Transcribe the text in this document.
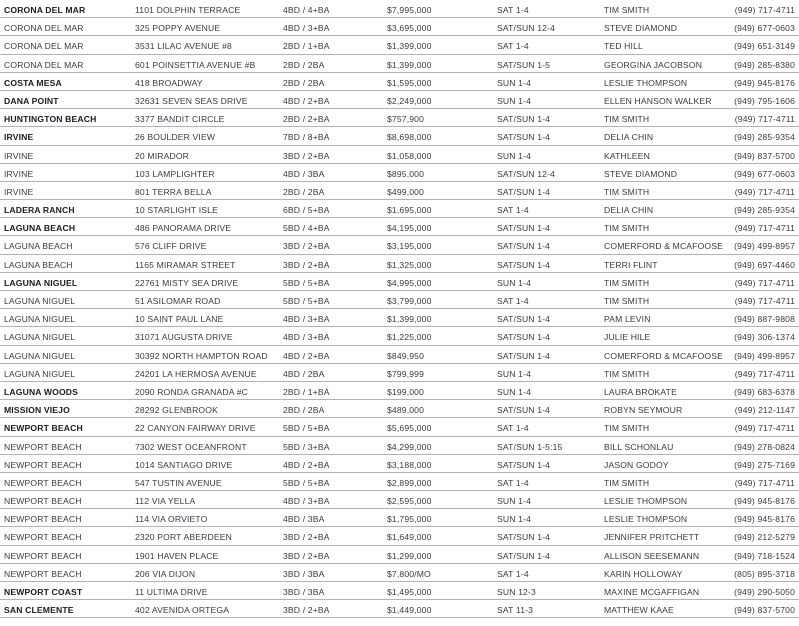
CORONA DEL MAR	1101 DOLPHIN TERRACE	4BD / 4+BA	$7,995,000	SAT 1-4	TIM SMITH	(949) 717-4711
CORONA DEL MAR	325 POPPY AVENUE	4BD / 3+BA	$3,695,000	SAT/SUN 12-4	STEVE DIAMOND	(949) 677-0603
CORONA DEL MAR	3531 LILAC AVENUE #8	2BD / 1+BA	$1,399,000	SAT 1-4	TED HILL	(949) 651-3149
CORONA DEL MAR	601 POINSETTIA AVENUE #B	2BD / 2BA	$1,399,000	SAT/SUN 1-5	GEORGINA JACOBSON	(949) 285-8380
COSTA MESA	418 BROADWAY	2BD / 2BA	$1,595,000	SUN 1-4	LESLIE THOMPSON	(949) 945-8176
DANA POINT	32631 SEVEN SEAS DRIVE	4BD / 2+BA	$2,249,000	SUN 1-4	ELLEN HANSON WALKER	(949) 795-1606
HUNTINGTON BEACH	3377 BANDIT CIRCLE	2BD / 2+BA	$757,900	SAT/SUN 1-4	TIM SMITH	(949) 717-4711
IRVINE	26 BOULDER VIEW	7BD / 8+BA	$8,698,000	SAT/SUN 1-4	DELIA CHIN	(949) 285-9354
IRVINE	20 MIRADOR	3BD / 2+BA	$1,058,000	SUN 1-4	KATHLEEN	(949) 837-5700
IRVINE	103 LAMPLIGHTER	4BD / 3BA	$895,000	SAT/SUN 12-4	STEVE DIAMOND	(949) 677-0603
IRVINE	801 TERRA BELLA	2BD / 2BA	$499,000	SAT/SUN 1-4	TIM SMITH	(949) 717-4711
LADERA RANCH	10 STARLIGHT ISLE	6BD / 5+BA	$1,695,000	SAT 1-4	DELIA CHIN	(949) 285-9354
LAGUNA BEACH	486 PANORAMA DRIVE	5BD / 4+BA	$4,195,000	SAT/SUN 1-4	TIM SMITH	(949) 717-4711
LAGUNA BEACH	576 CLIFF DRIVE	3BD / 2+BA	$3,195,000	SAT/SUN 1-4	COMERFORD & MCAFOOSE (949) 499-8957
LAGUNA BEACH	1165 MIRAMAR STREET	3BD / 2+BA	$1,325,000	SAT/SUN 1-4	TERRI FLINT	(949) 697-4460
LAGUNA NIGUEL	22761 MISTY SEA DRIVE	5BD / 5+BA	$4,995,000	SUN 1-4	TIM SMITH	(949) 717-4711
LAGUNA NIGUEL	51 ASILOMAR ROAD	5BD / 5+BA	$3,799,000	SAT 1-4	TIM SMITH	(949) 717-4711
LAGUNA NIGUEL	10 SAINT PAUL LANE	4BD / 3+BA	$1,399,000	SAT/SUN 1-4	PAM LEVIN	(949) 887-9808
LAGUNA NIGUEL	31071 AUGUSTA DRIVE	4BD / 3+BA	$1,225,000	SAT/SUN 1-4	JULIE HILE	(949) 306-1374
LAGUNA NIGUEL	30392 NORTH HAMPTON ROAD 4BD / 2+BA	$849,950	SAT/SUN 1-4	COMERFORD & MCAFOOSE (949) 499-8957
LAGUNA NIGUEL	24201 LA HERMOSA AVENUE	4BD / 2BA	$799,999	SUN 1-4	TIM SMITH	(949) 717-4711
LAGUNA WOODS	2090 RONDA GRANADA #C	2BD / 1+BA	$199,000	SUN 1-4	LAURA BROKATE	(949) 683-6378
MISSION VIEJO	28292 GLENBROOK	2BD / 2BA	$489,000	SAT/SUN 1-4	ROBYN SEYMOUR	(949) 212-1147
NEWPORT BEACH	22 CANYON FAIRWAY DRIVE	5BD / 5+BA	$5,695,000	SAT 1-4	TIM SMITH	(949) 717-4711
NEWPORT BEACH	7302 WEST OCEANFRONT	5BD / 3+BA	$4,299,000	SAT/SUN 1-5:15	BILL SCHONLAU	(949) 278-0824
NEWPORT BEACH	1014 SANTIAGO DRIVE	4BD / 2+BA	$3,188,000	SAT/SUN 1-4	JASON GODOY	(949) 275-7169
NEWPORT BEACH	547 TUSTIN AVENUE	5BD / 5+BA	$2,899,000	SAT 1-4	TIM SMITH	(949) 717-4711
NEWPORT BEACH	112 VIA YELLA	4BD / 3+BA	$2,595,000	SUN 1-4	LESLIE THOMPSON	(949) 945-8176
NEWPORT BEACH	114 VIA ORVIETO	4BD / 3BA	$1,795,000	SUN 1-4	LESLIE THOMPSON	(949) 945-8176
NEWPORT BEACH	2320 PORT ABERDEEN	3BD / 2+BA	$1,649,000	SAT/SUN 1-4	JENNIFER PRITCHETT	(949) 212-5279
NEWPORT BEACH	1901 HAVEN PLACE	3BD / 2+BA	$1,299,000	SAT/SUN 1-4	ALLISON SEESEMANN	(949) 718-1524
NEWPORT BEACH	206 VIA DIJON	3BD / 3BA	$7,800/MO	SAT 1-4	KARIN HOLLOWAY	(805) 895-3718
NEWPORT COAST	11 ULTIMA DRIVE	3BD / 3BA	$1,495,000	SUN 12-3	MAXINE MCGAFFIGAN	(949) 290-5050
SAN CLEMENTE	402 AVENIDA ORTEGA	3BD / 2+BA	$1,449,000	SAT 11-3	MATTHEW KAAE	(949) 837-5700
